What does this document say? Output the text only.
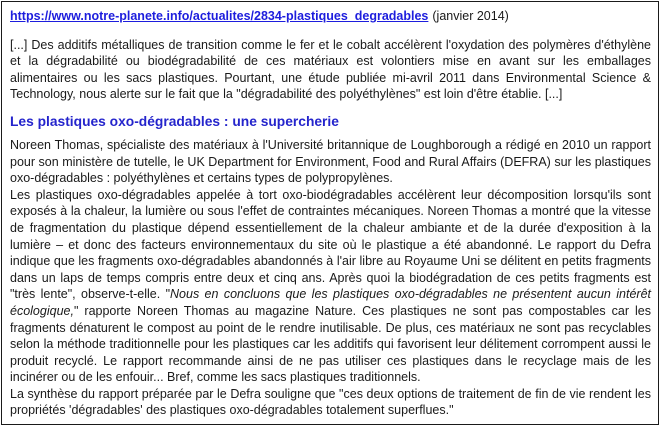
https://www.notre-planete.info/actualites/2834-plastiques_degradables (janvier 2014)

[...] Des additifs métalliques de transition comme le fer et le cobalt accélèrent l'oxydation des polymères d'éthylène et la dégradabilité ou biodégradabilité de ces matériaux est volontiers mise en avant sur les emballages alimentaires ou les sacs plastiques. Pourtant, une étude publiée mi-avril 2011 dans Environmental Science & Technology, nous alerte sur le fait que la "dégradabilité des polyéthylènes" est loin d'être établie. [...]

Les plastiques oxo-dégradables : une supercherie

Noreen Thomas, spécialiste des matériaux à l'Université britannique de Loughborough a rédigé en 2010 un rapport pour son ministère de tutelle, le UK Department for Environment, Food and Rural Affairs (DEFRA) sur les plastiques oxo-dégradables : polyéthylènes et certains types de polypropylènes.

Les plastiques oxo-dégradables appelée à tort oxo-biodégradables accélèrent leur décomposition lorsqu'ils sont exposés à la chaleur, la lumière ou sous l'effet de contraintes mécaniques. Noreen Thomas a montré que la vitesse de fragmentation du plastique dépend essentiellement de la chaleur ambiante et de la durée d'exposition à la lumière – et donc des facteurs environnementaux du site où le plastique a été abandonné. Le rapport du Defra indique que les fragments oxo-dégradables abandonnés à l'air libre au Royaume Uni se délitent en petits fragments dans un laps de temps compris entre deux et cinq ans. Après quoi la biodégradation de ces petits fragments est "très lente", observe-t-elle. "Nous en concluons que les plastiques oxo-dégradables ne présentent aucun intérêt écologique," rapporte Noreen Thomas au magazine Nature. Ces plastiques ne sont pas compostables car les fragments dénaturent le compost au point de le rendre inutilisable. De plus, ces matériaux ne sont pas recyclables selon la méthode traditionnelle pour les plastiques car les additifs qui favorisent leur délitement corrompent aussi le produit recyclé. Le rapport recommande ainsi de ne pas utiliser ces plastiques dans le recyclage mais de les incinérer ou de les enfouir... Bref, comme les sacs plastiques traditionnels.

La synthèse du rapport préparée par le Defra souligne que "ces deux options de traitement de fin de vie rendent les propriétés 'dégradables' des plastiques oxo-dégradables totalement superflues."
